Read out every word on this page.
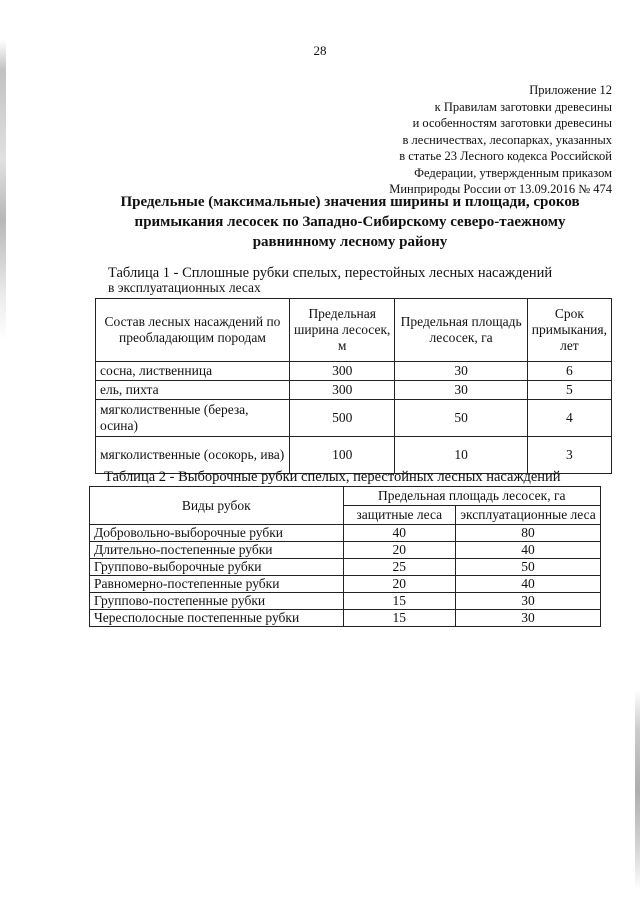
28
Приложение 12
к Правилам заготовки древесины
и особенностям заготовки древесины
в лесничествах, лесопарках, указанных
в статье 23 Лесного кодекса Российской
Федерации, утвержденным приказом
Минприроды России от 13.09.2016 № 474
Предельные (максимальные) значения ширины и площади, сроков
примыкания лесосек по Западно-Сибирскому северо-таежному
равнинному лесному району
Таблица 1 - Сплошные рубки спелых, перестойных лесных насаждений
в эксплуатационных лесах
Состав лесных насаждений по преобладающим породам	Предельная ширина лесосек, м	Предельная площадь лесосек, га	Срок примыкания, лет
сосна, лиственница	300	30	6
ель, пихта	300	30	5
мягколиственные (береза, осина)	500	50	4
мягколиственные (осокорь, ива)	100	10	3
Таблица 2 - Выборочные рубки спелых, перестойных лесных насаждений
Виды рубок	Предельная площадь лесосек, га	
	защитные леса	эксплуатационные леса
Добровольно-выборочные рубки	40	80
Длительно-постепенные рубки	20	40
Группово-выборочные рубки	25	50
Равномерно-постепенные рубки	20	40
Группово-постепенные рубки	15	30
Чересполосные постепенные рубки	15	30
